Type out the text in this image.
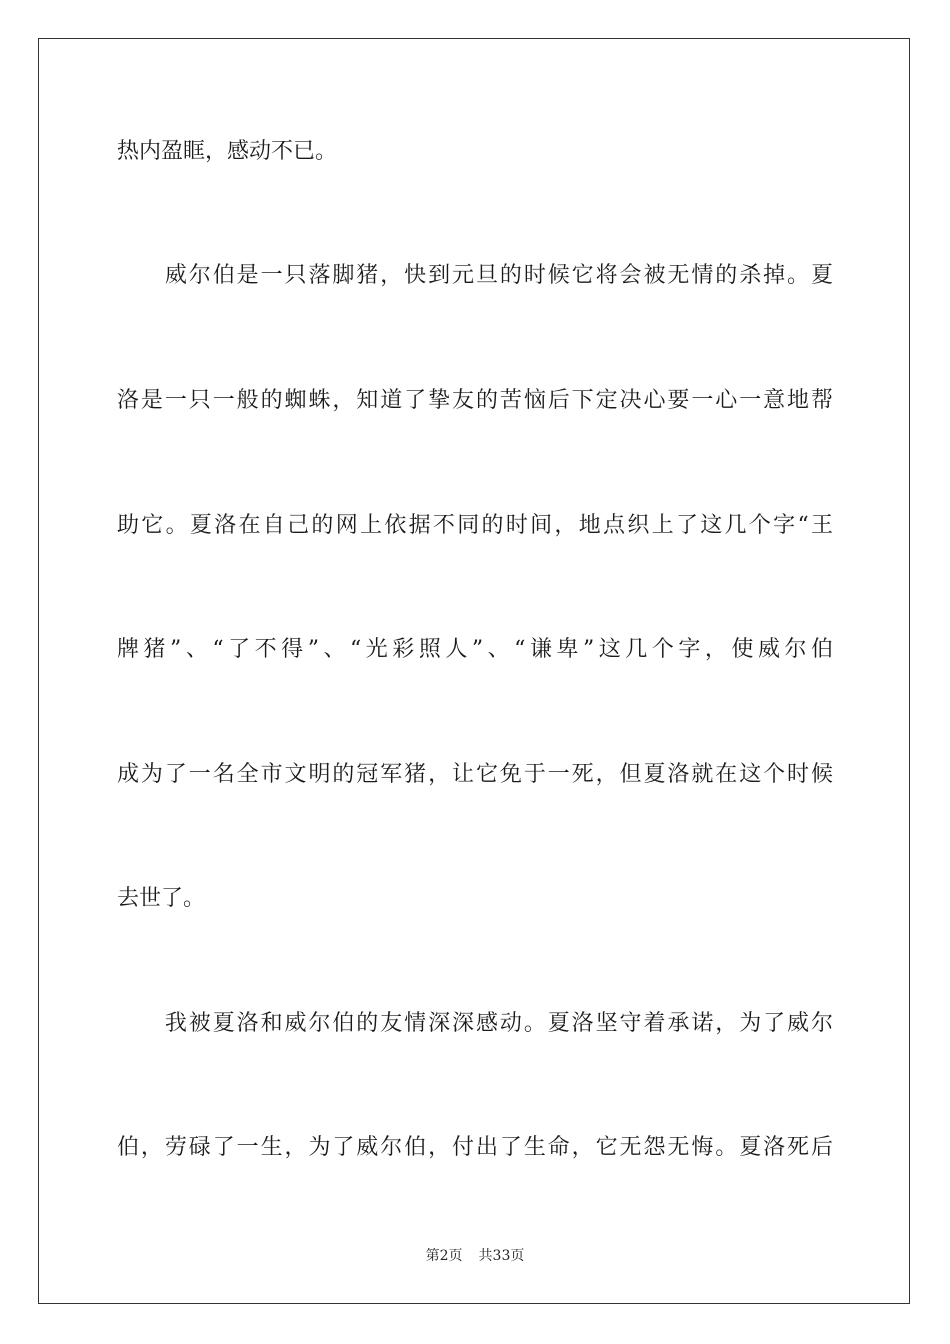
热内盈眶，感动不已。
　　威尔伯是一只落脚猪，快到元旦的时候它将会被无情的杀掉。夏
洛是一只一般的蜘蛛，知道了挚友的苦恼后下定决心要一心一意地帮
助它。夏洛在自己的网上依据不同的时间，地点织上了这几个字“王
牌猪”、“了不得”、“光彩照人”、“谦卑”这几个字，使威尔伯
成为了一名全市文明的冠军猪，让它免于一死，但夏洛就在这个时候
去世了。
　　我被夏洛和威尔伯的友情深深感动。夏洛坚守着承诺，为了威尔
伯，劳碌了一生，为了威尔伯，付出了生命，它无怨无悔。夏洛死后
第2页 共33页
